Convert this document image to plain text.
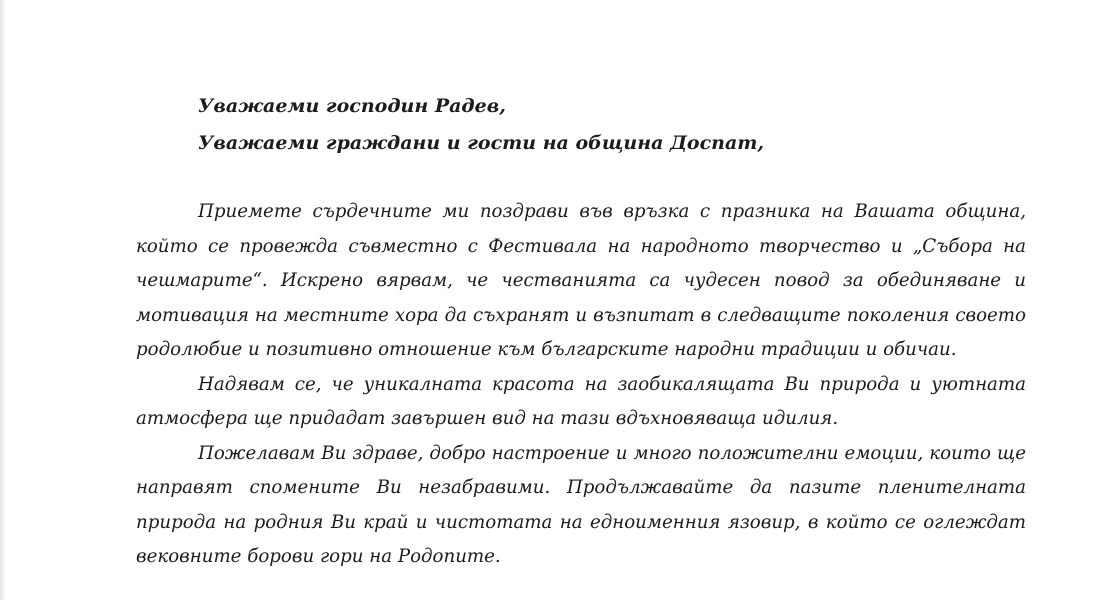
Уважаеми господин Радев,

Уважаеми граждани и гости на община Доспат,

Приемете сърдечните ми поздрави във връзка с празника на Вашата община, който се провежда съвместно с Фестивала на народното творчество и „Събора на чешмарите“. Искрено вярвам, че честванията са чудесен повод за обединяване и мотивация на местните хора да съхранят и възпитат в следващите поколения своето родолюбие и позитивно отношение към българските народни традиции и обичаи.

Надявам се, че уникалната красота на заобикалящата Ви природа и уютната атмосфера ще придадат завършен вид на тази вдъхновяваща идилия.

Пожелавам Ви здраве, добро настроение и много положителни емоции, които ще направят спомените Ви незабравими. Продължавайте да пазите пленителната природа на родния Ви край и чистотата на едноименния язовир, в който се оглеждат вековните борови гори на Родопите.
